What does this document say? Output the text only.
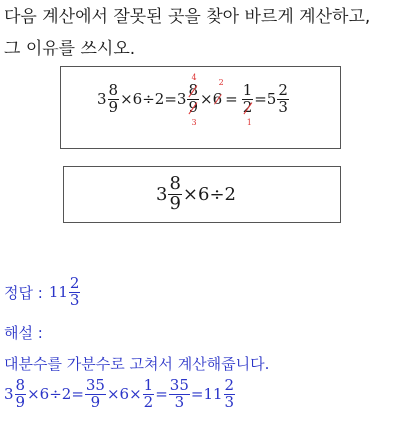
다음 계산에서 잘못된 곳을 찾아 바르게 계산하고,
그 이유를 쓰시오.
$3 \frac{8}{9} \times 6\div 2=3$
4
8
9
3
×
2
6 =
1
2
1
$=5 \frac{2}{3}$
$3 \frac{8}{9} \times 6\div 2$
정답 : $11 \frac{2}{3}$
해설 :
대분수를 가분수로 고쳐서 계산해줍니다.
$3 \frac{8}{9} \times 6\div 2= \frac{35}{9} \times 6\times \frac{1}{2} = \frac{35}{3} =11 \frac{2}{3}$
